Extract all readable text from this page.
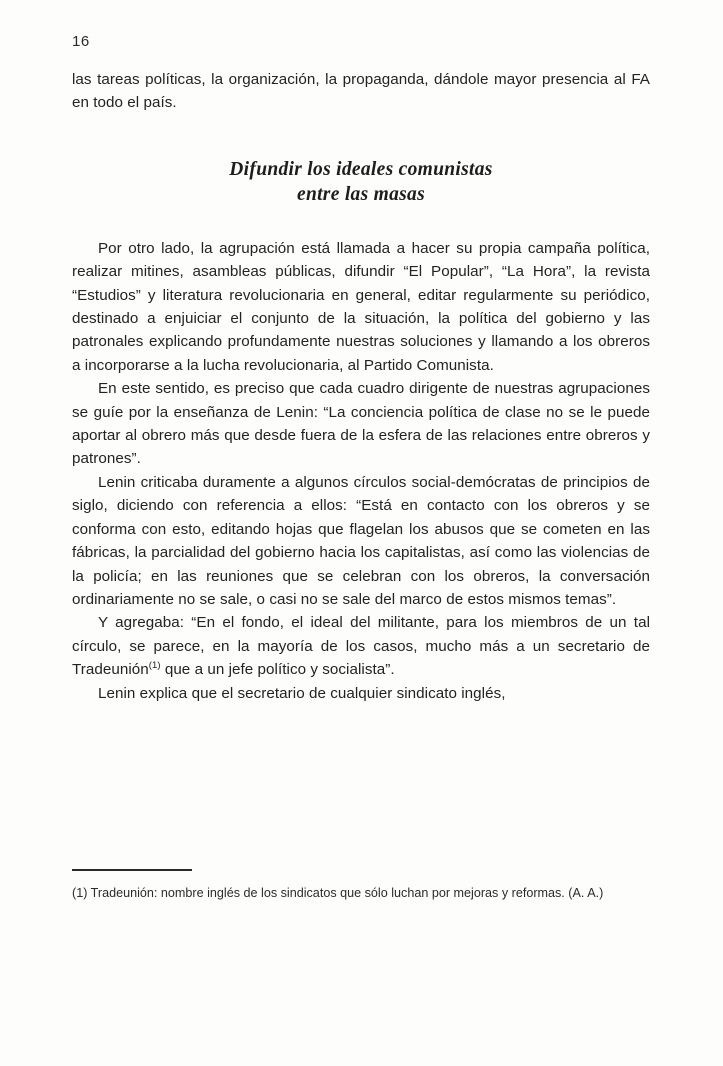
16

las tareas políticas, la organización, la propaganda, dándole mayor presencia al FA en todo el país.

Difundir los ideales comunistas
entre las masas

Por otro lado, la agrupación está llamada a hacer su propia campaña política, realizar mitines, asambleas públicas, difundir “El Popular”, “La Hora”, la revista “Estudios” y literatura revolucionaria en general, editar regularmente su periódico, destinado a enjuiciar el conjunto de la situación, la política del gobierno y las patronales explicando profundamente nuestras soluciones y llamando a los obreros a incorporarse a la lucha revolucionaria, al Partido Comunista.

En este sentido, es preciso que cada cuadro dirigente de nuestras agrupaciones se guíe por la enseñanza de Lenin: “La conciencia política de clase no se le puede aportar al obrero más que desde fuera de la esfera de las relaciones entre obreros y patrones”.

Lenin criticaba duramente a algunos círculos social-demócratas de principios de siglo, diciendo con referencia a ellos: “Está en contacto con los obreros y se conforma con esto, editando hojas que flagelan los abusos que se cometen en las fábricas, la parcialidad del gobierno hacia los capitalistas, así como las violencias de la policía; en las reuniones que se celebran con los obreros, la conversación ordinariamente no se sale, o casi no se sale del marco de estos mismos temas”.

Y agregaba: “En el fondo, el ideal del militante, para los miembros de un tal círculo, se parece, en la mayoría de los casos, mucho más a un secretario de Tradeunión$^{(1)}$ que a un jefe político y socialista”.

Lenin explica que el secretario de cualquier sindicato inglés,

(1) Tradeunión: nombre inglés de los sindicatos que sólo luchan por mejoras y reformas. (A. A.)
